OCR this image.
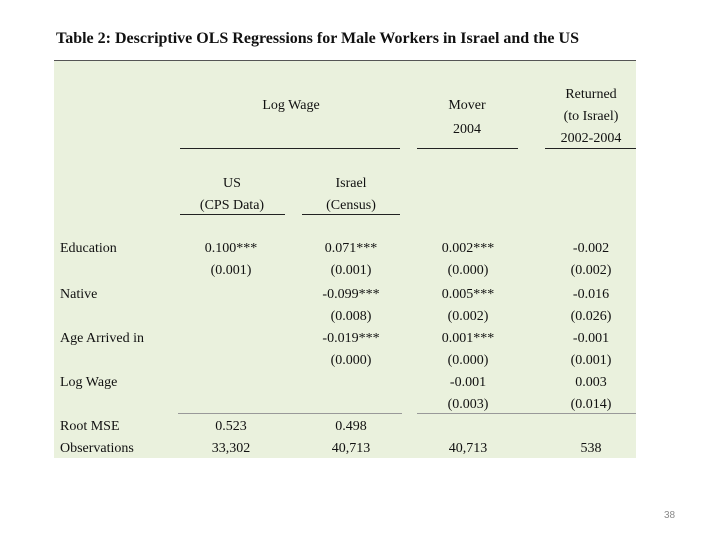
Table 2: Descriptive OLS Regressions for Male Workers in Israel and the US
Log Wage	Mover
2004
Returned
(to Israel)
2002-2004
US
(CPS Data)
Israel
(Census)
Education
Native
Age Arrived in
Log Wage
Root MSE
Observations
0.100***
(0.001)
0.523
33,302
0.071***
(0.001)
-0.099***
(0.008)
-0.019***
(0.000)
0.498
40,713
0.002***
(0.000)
0.005***
(0.002)
0.001***
(0.000)
-0.001
(0.003)
40,713
-0.002
(0.002)
-0.016
(0.026)
-0.001
(0.001)
0.003
(0.014)
538
38
